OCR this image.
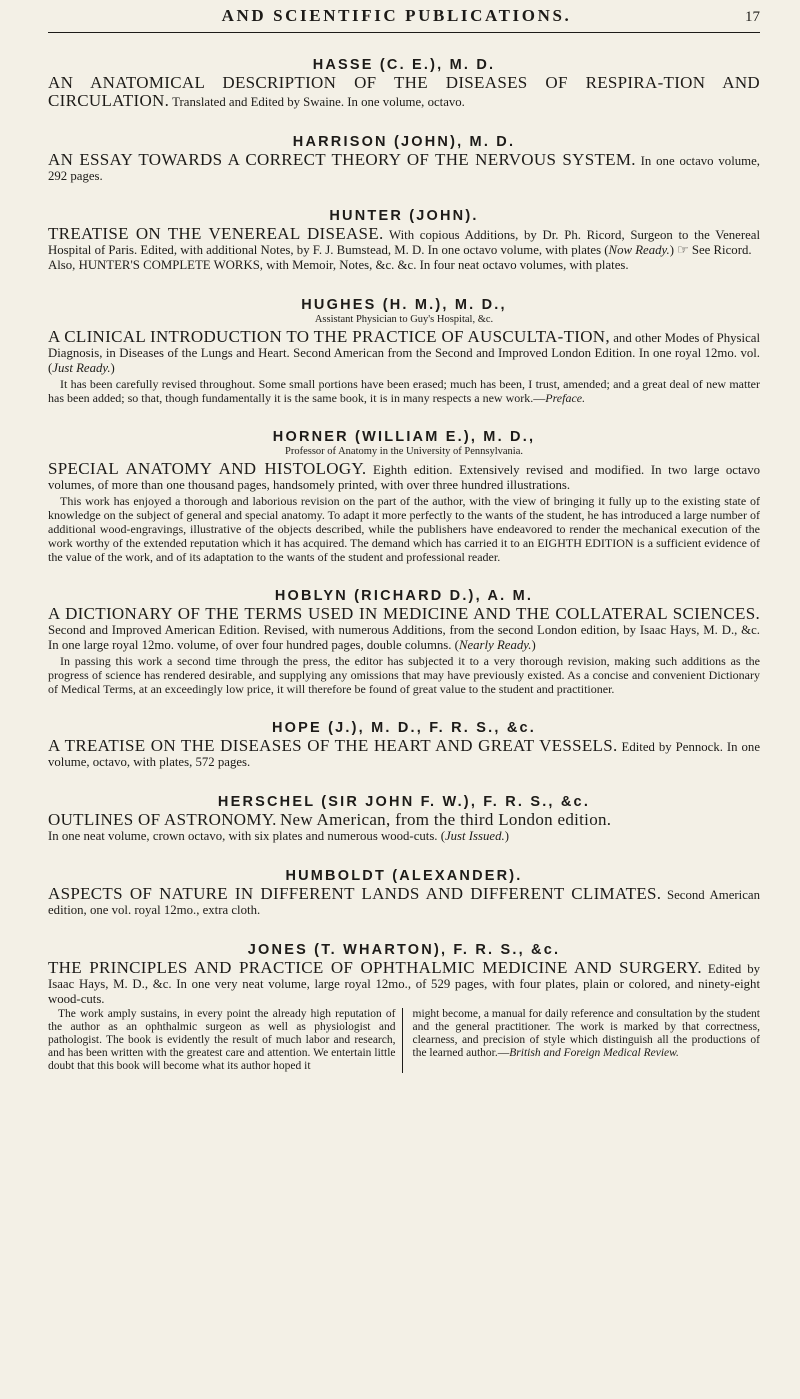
AND SCIENTIFIC PUBLICATIONS.	17
HASSE (C. E.), M. D.

AN ANATOMICAL DESCRIPTION OF THE DISEASES OF RESPIRA-TION AND CIRCULATION. Translated and Edited by Swaine. In one volume, octavo.

HARRISON (JOHN), M. D.

AN ESSAY TOWARDS A CORRECT THEORY OF THE NERVOUS SYSTEM. In one octavo volume, 292 pages.

HUNTER (JOHN).

TREATISE ON THE VENEREAL DISEASE. With copious Additions, by Dr. Ph. Ricord, Surgeon to the Venereal Hospital of Paris. Edited, with additional Notes, by F. J. Bumstead, M. D. In one octavo volume, with plates (Now Ready.) ☞ See Ricord.

Also, HUNTER'S COMPLETE WORKS, with Memoir, Notes, &c. &c. In four neat octavo volumes, with plates.

HUGHES (H. M.), M. D.,
Assistant Physician to Guy's Hospital, &c.

A CLINICAL INTRODUCTION TO THE PRACTICE OF AUSCULTA-TION, and other Modes of Physical Diagnosis, in Diseases of the Lungs and Heart. Second American from the Second and Improved London Edition. In one royal 12mo. vol. (Just Ready.)

It has been carefully revised throughout. Some small portions have been erased; much has been, I trust, amended; and a great deal of new matter has been added; so that, though fundamentally it is the same book, it is in many respects a new work.—Preface.

HORNER (WILLIAM E.), M. D.,
Professor of Anatomy in the University of Pennsylvania.

SPECIAL ANATOMY AND HISTOLOGY. Eighth edition. Extensively revised and modified. In two large octavo volumes, of more than one thousand pages, handsomely printed, with over three hundred illustrations.

This work has enjoyed a thorough and laborious revision on the part of the author, with the view of bringing it fully up to the existing state of knowledge on the subject of general and special anatomy. To adapt it more perfectly to the wants of the student, he has introduced a large number of additional wood-engravings, illustrative of the objects described, while the publishers have endeavored to render the mechanical execution of the work worthy of the extended reputation which it has acquired. The demand which has carried it to an EIGHTH EDITION is a sufficient evidence of the value of the work, and of its adaptation to the wants of the student and professional reader.

HOBLYN (RICHARD D.), A. M.

A DICTIONARY OF THE TERMS USED IN MEDICINE AND THE COLLATERAL SCIENCES. Second and Improved American Edition. Revised, with numerous Additions, from the second London edition, by Isaac Hays, M. D., &c. In one large royal 12mo. volume, of over four hundred pages, double columns. (Nearly Ready.)

In passing this work a second time through the press, the editor has subjected it to a very thorough revision, making such additions as the progress of science has rendered desirable, and supplying any omissions that may have previously existed. As a concise and convenient Dictionary of Medical Terms, at an exceedingly low price, it will therefore be found of great value to the student and practitioner.

HOPE (J.), M. D., F. R. S., &c.

A TREATISE ON THE DISEASES OF THE HEART AND GREAT VESSELS. Edited by Pennock. In one volume, octavo, with plates, 572 pages.

HERSCHEL (SIR JOHN F. W.), F. R. S., &c.

OUTLINES OF ASTRONOMY. New American, from the third London edition.

In one neat volume, crown octavo, with six plates and numerous wood-cuts. (Just Issued.)

HUMBOLDT (ALEXANDER).

ASPECTS OF NATURE IN DIFFERENT LANDS AND DIFFERENT CLIMATES. Second American edition, one vol. royal 12mo., extra cloth.

JONES (T. WHARTON), F. R. S., &c.

THE PRINCIPLES AND PRACTICE OF OPHTHALMIC MEDICINE AND SURGERY. Edited by Isaac Hays, M. D., &c. In one very neat volume, large royal 12mo., of 529 pages, with four plates, plain or colored, and ninety-eight wood-cuts.

The work amply sustains, in every point the already high reputation of the author as an ophthalmic surgeon as well as physiologist and pathologist. The book is evidently the result of much labor and research, and has been written with the greatest care and attention. We entertain little doubt that this book will become what its author hoped it
might become, a manual for daily reference and consultation by the student and the general practitioner. The work is marked by that correctness, clearness, and precision of style which distinguish all the productions of the learned author.—British and Foreign Medical Review.
